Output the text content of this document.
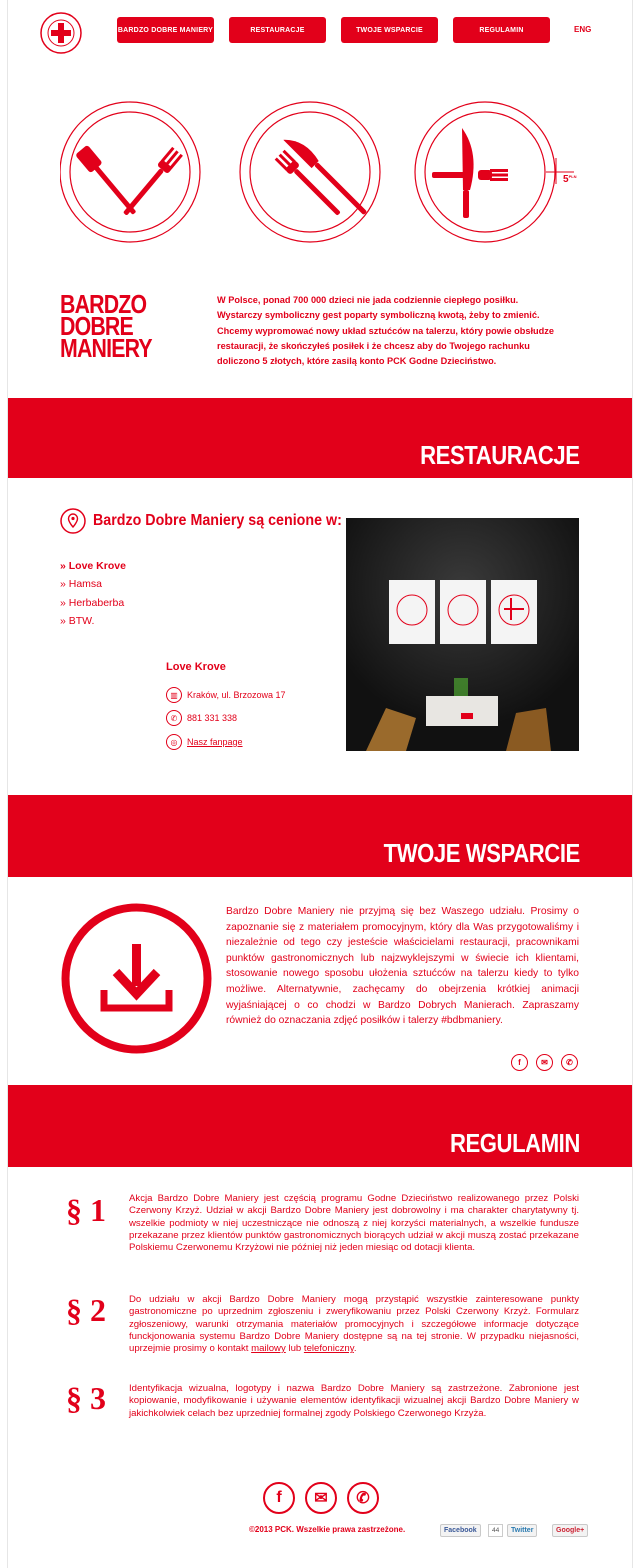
BARDZO DOBRE MANIERY	RESTAURACJE	TWOJE WSPARCIE	REGULAMIN	ENG
$5^{PLN}$
BARDZO
DOBRE
MANIERY
W Polsce, ponad 700 000 dzieci nie jada codziennie ciepłego posiłku. Wystarczy symboliczny gest poparty symboliczną kwotą, żeby to zmienić. Chcemy wypromować nowy układ sztućców na talerzu, który powie obsłudze restauracji, że skończyłeś posiłek i że chcesz aby do Twojego rachunku doliczono 5 złotych, które zasilą konto PCK Godne Dzieciństwo.
RESTAURACJE
Bardzo Dobre Maniery są cenione w:
» Love Krove
» Hamsa
» Herbaberba
» BTW.
Love Krove
▥	Kraków, ul. Brzozowa 17
✆	881 331 338
◎	Nasz fanpage
TWOJE WSPARCIE
Bardzo Dobre Maniery nie przyjmą się bez Waszego udziału. Prosimy o zapoznanie się z materiałem promocyjnym, który dla Was przygotowaliśmy i niezależnie od tego czy jesteście właścicielami restauracji, pracownikami punktów gastronomicznych lub najzwyklejszymi w świecie ich klientami, stosowanie nowego sposobu ułożenia sztućców na talerzu kiedy to tylko możliwe. Alternatywnie, zachęcamy do obejrzenia krótkiej animacji wyjaśniającej o co chodzi w Bardzo Dobrych Manierach. Zapraszamy również do oznaczania zdjęć posiłków i talerzy #bdbmaniery.
f	✉	✆
REGULAMIN
§ 1 Akcja Bardzo Dobre Maniery jest częścią programu Godne Dzieciństwo realizowanego przez Polski Czerwony Krzyż. Udział w akcji Bardzo Dobre Maniery jest dobrowolny i ma charakter charytatywny tj. wszelkie podmioty w niej uczestniczące nie odnoszą z niej korzyści materialnych, a wszelkie fundusze przekazane przez klientów punktów gastronomicznych biorących udział w akcji muszą zostać przekazane Polskiemu Czerwonemu Krzyżowi nie później niż jeden miesiąc od dotacji klienta.
§ 2 Do udziału w akcji Bardzo Dobre Maniery mogą przystąpić wszystkie zainteresowane punkty gastronomiczne po uprzednim zgłoszeniu i zweryfikowaniu przez Polski Czerwony Krzyż. Formularz zgłoszeniowy, warunki otrzymania materiałów promocyjnych i szczegółowe informacje dotyczące funckjonowania systemu Bardzo Dobre Maniery dostępne są na tej stronie. W przypadku niejasności, uprzejmie prosimy o kontakt mailowy lub telefoniczny.
§ 3 Identyfikacja wizualna, logotypy i nazwa Bardzo Dobre Maniery są zastrzeżone. Zabronione jest kopiowanie, modyfikowanie i używanie elementów identyfikacji wizualnej akcji Bardzo Dobre Maniery w jakichkolwiek celach bez uprzedniej formalnej zgody Polskiego Czerwonego Krzyża.
f	✉	✆
©2013 PCK. Wszelkie prawa zastrzeżone.	Facebook	44	Twitter	Google+
